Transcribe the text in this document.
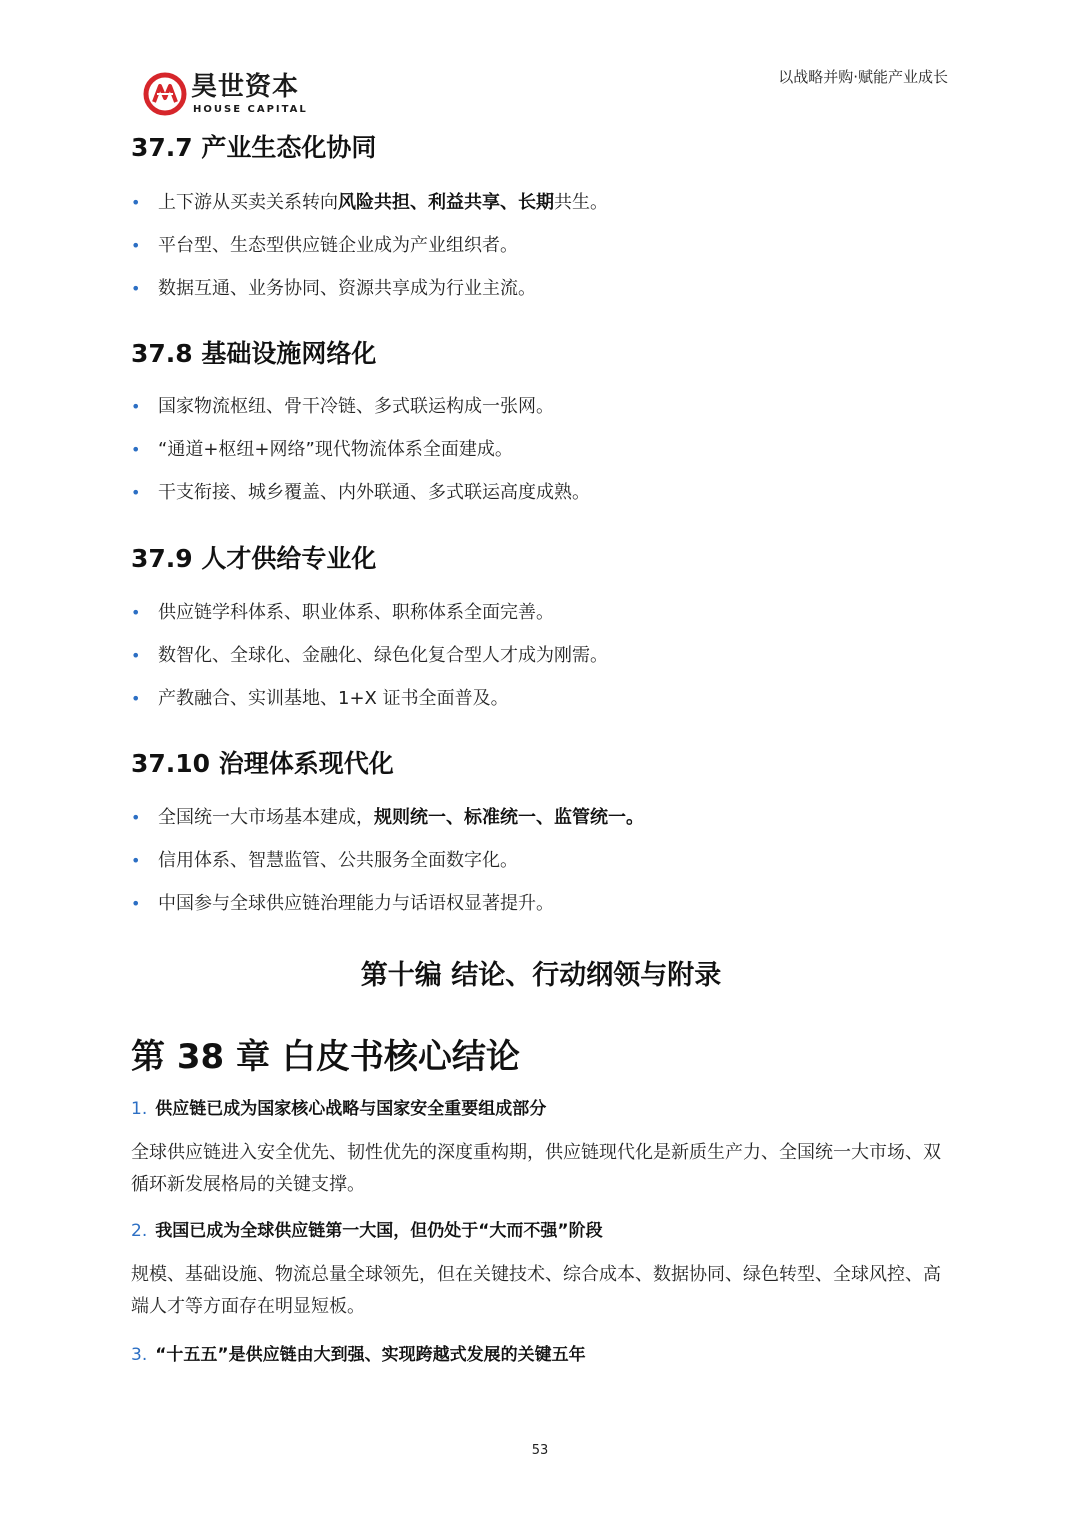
昊世资本
HOUSE CAPITAL
以战略并购·赋能产业成长
37.7 产业生态化协同
• 上下游从买卖关系转向风险共担、利益共享、长期共生。
• 平台型、生态型供应链企业成为产业组织者。
• 数据互通、业务协同、资源共享成为行业主流。
37.8 基础设施网络化
• 国家物流枢纽、骨干冷链、多式联运构成一张网。
• “通道+枢纽+网络”现代物流体系全面建成。
• 干支衔接、城乡覆盖、内外联通、多式联运高度成熟。
37.9 人才供给专业化
• 供应链学科体系、职业体系、职称体系全面完善。
• 数智化、全球化、金融化、绿色化复合型人才成为刚需。
• 产教融合、实训基地、1+X 证书全面普及。
37.10 治理体系现代化
• 全国统一大市场基本建成，规则统一、标准统一、监管统一。
• 信用体系、智慧监管、公共服务全面数字化。
• 中国参与全球供应链治理能力与话语权显著提升。
第十编 结论、行动纲领与附录
第 38 章 白皮书核心结论
1. 供应链已成为国家核心战略与国家安全重要组成部分

全球供应链进入安全优先、韧性优先的深度重构期，供应链现代化是新质生产力、全国统一大市场、双循环新发展格局的关键支撑。

2. 我国已成为全球供应链第一大国，但仍处于“大而不强”阶段

规模、基础设施、物流总量全球领先，但在关键技术、综合成本、数据协同、绿色转型、全球风控、高端人才等方面存在明显短板。

3. “十五五”是供应链由大到强、实现跨越式发展的关键五年
53
